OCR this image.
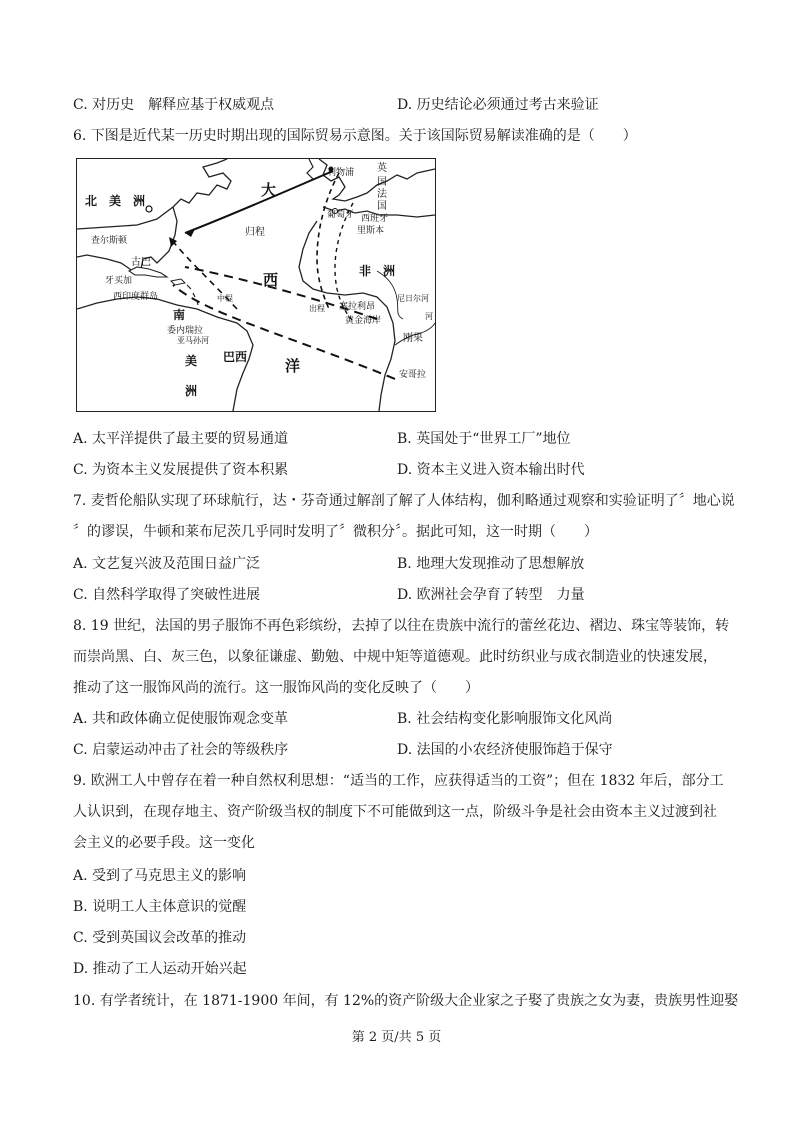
C. 对历史　解释应基于权威观点	D. 历史结论必须通过考古来验证
6. 下图是近代某一历史时期出现的国际贸易示意图。关于该国际贸易解读准确的是（　　）
北　美　洲
大
西
洋
查尔斯顿
古巴
牙买加
西印度群岛
南
委内瑞拉
亚马孙河
美 巴西
洲
利物浦 英
国
法
国
葡萄牙 西班牙
里斯本
非　洲
归程
出程
中程
塞拉利昂
黄金海岸
尼日尔河
刚果
河
安哥拉
A. 太平洋提供了最主要的贸易通道	B. 英国处于“世界工厂”地位
C. 为资本主义发展提供了资本积累	D. 资本主义进入资本输出时代
7. 麦哲伦船队实现了环球航行，达・芬奇通过解剖了解了人体结构，伽利略通过观察和实验证明了〞地心说
〞的谬误，牛顿和莱布尼茨几乎同时发明了〞微积分〞。据此可知，这一时期（　　）
A. 文艺复兴波及范围日益广泛	B. 地理大发现推动了思想解放
C. 自然科学取得了突破性进展	D. 欧洲社会孕育了转型　力量
8. 19 世纪，法国的男子服饰不再色彩缤纷，去掉了以往在贵族中流行的蕾丝花边、褶边、珠宝等装饰，转
而崇尚黑、白、灰三色，以象征谦虚、勤勉、中规中矩等道德观。此时纺织业与成衣制造业的快速发展，
推动了这一服饰风尚的流行。这一服饰风尚的变化反映了（　　）
A. 共和政体确立促使服饰观念变革	B. 社会结构变化影响服饰文化风尚
C. 启蒙运动冲击了社会的等级秩序	D. 法国的小农经济使服饰趋于保守
9. 欧洲工人中曾存在着一种自然权利思想：“适当的工作，应获得适当的工资”；但在 1832 年后，部分工
人认识到，在现存地主、资产阶级当权的制度下不可能做到这一点，阶级斗争是社会由资本主义过渡到社
会主义的必要手段。这一变化
A. 受到了马克思主义的影响
B. 说明工人主体意识的觉醒
C. 受到英国议会改革的推动
D. 推动了工人运动开始兴起
10. 有学者统计，在 1871-1900 年间，有 12%的资产阶级大企业家之子娶了贵族之女为妻，贵族男性迎娶
第 2 页/共 5 页
